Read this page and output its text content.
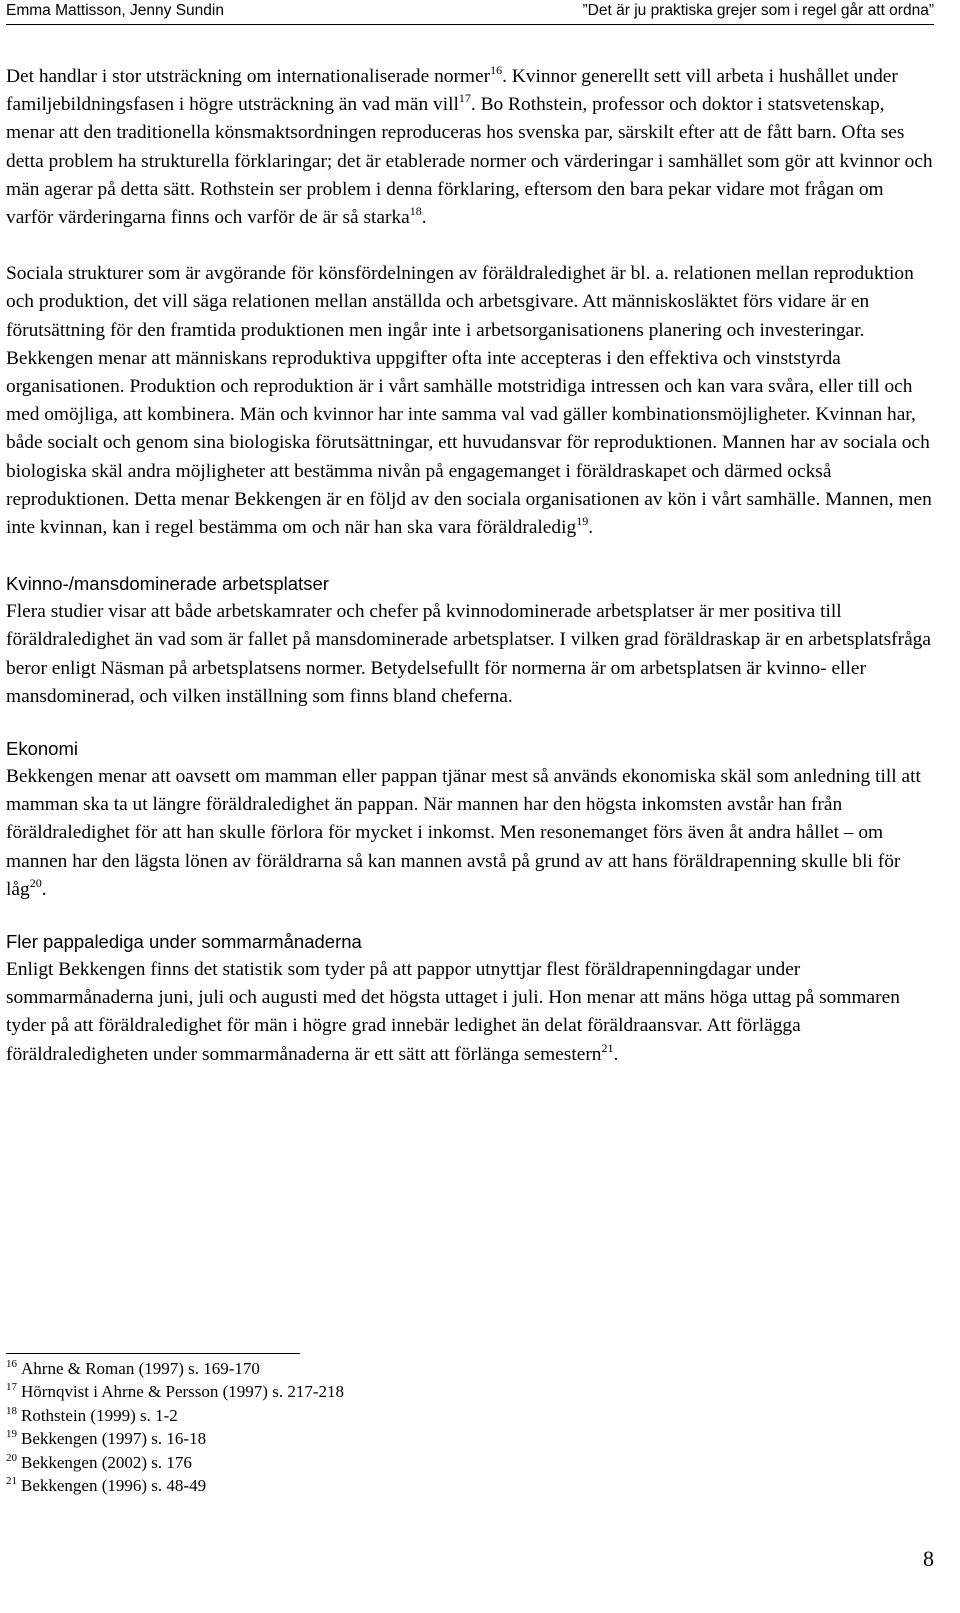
Emma Mattisson, Jenny Sundin	”Det är ju praktiska grejer som i regel går att ordna”

Det handlar i stor utsträckning om internationaliserade normer$^{16}$. Kvinnor generellt sett vill arbeta i hushållet under familjebildningsfasen i högre utsträckning än vad män vill$^{17}$. Bo Rothstein, professor och doktor i statsvetenskap, menar att den traditionella könsmaktsordningen reproduceras hos svenska par, särskilt efter att de fått barn. Ofta ses detta problem ha strukturella förklaringar; det är etablerade normer och värderingar i samhället som gör att kvinnor och män agerar på detta sätt. Rothstein ser problem i denna förklaring, eftersom den bara pekar vidare mot frågan om varför värderingarna finns och varför de är så starka$^{18}$.

Sociala strukturer som är avgörande för könsfördelningen av föräldraledighet är bl. a. relationen mellan reproduktion och produktion, det vill säga relationen mellan anställda och arbetsgivare. Att människosläktet förs vidare är en förutsättning för den framtida produktionen men ingår inte i arbetsorganisationens planering och investeringar. Bekkengen menar att människans reproduktiva uppgifter ofta inte accepteras i den effektiva och vinststyrda organisationen. Produktion och reproduktion är i vårt samhälle motstridiga intressen och kan vara svåra, eller till och med omöjliga, att kombinera. Män och kvinnor har inte samma val vad gäller kombinationsmöjligheter. Kvinnan har, både socialt och genom sina biologiska förutsättningar, ett huvudansvar för reproduktionen. Mannen har av sociala och biologiska skäl andra möjligheter att bestämma nivån på engagemanget i föräldraskapet och därmed också reproduktionen. Detta menar Bekkengen är en följd av den sociala organisationen av kön i vårt samhälle. Mannen, men inte kvinnan, kan i regel bestämma om och när han ska vara föräldraledig$^{19}$.

Kvinno-/mansdominerade arbetsplatser

Flera studier visar att både arbetskamrater och chefer på kvinnodominerade arbetsplatser är mer positiva till föräldraledighet än vad som är fallet på mansdominerade arbetsplatser. I vilken grad föräldraskap är en arbetsplatsfråga beror enligt Näsman på arbetsplatsens normer. Betydelsefullt för normerna är om arbetsplatsen är kvinno- eller mansdominerad, och vilken inställning som finns bland cheferna.

Ekonomi

Bekkengen menar att oavsett om mamman eller pappan tjänar mest så används ekonomiska skäl som anledning till att mamman ska ta ut längre föräldraledighet än pappan. När mannen har den högsta inkomsten avstår han från föräldraledighet för att han skulle förlora för mycket i inkomst. Men resonemanget förs även åt andra hållet – om mannen har den lägsta lönen av föräldrarna så kan mannen avstå på grund av att hans föräldrapenning skulle bli för låg$^{20}$.

Fler pappalediga under sommarmånaderna

Enligt Bekkengen finns det statistik som tyder på att pappor utnyttjar flest föräldrapenningdagar under sommarmånaderna juni, juli och augusti med det högsta uttaget i juli. Hon menar att mäns höga uttag på sommaren tyder på att föräldraledighet för män i högre grad innebär ledighet än delat föräldraansvar. Att förlägga föräldraledigheten under sommarmånaderna är ett sätt att förlänga semestern$^{21}$.

$^{16}$ Ahrne & Roman (1997) s. 169-170
$^{17}$ Hörnqvist i Ahrne & Persson (1997) s. 217-218
$^{18}$ Rothstein (1999) s. 1-2
$^{19}$ Bekkengen (1997) s. 16-18
$^{20}$ Bekkengen (2002) s. 176
$^{21}$ Bekkengen (1996) s. 48-49
8
